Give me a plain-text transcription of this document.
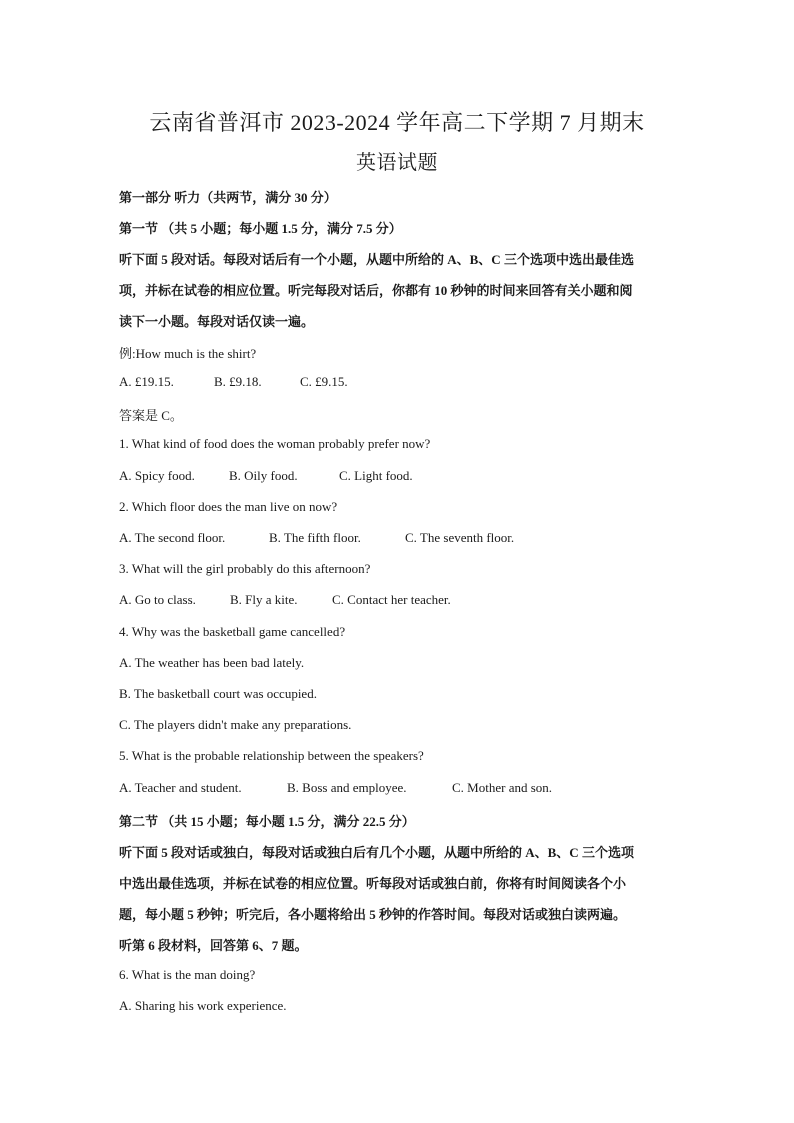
云南省普洱市 2023-2024 学年高二下学期 7 月期末
英语试题
第一部分 听力（共两节，满分 30 分）
第一节 （共 5 小题；每小题 1.5 分，满分 7.5 分）
听下面 5 段对话。每段对话后有一个小题，从题中所给的 A、B、C 三个选项中选出最佳选
项，并标在试卷的相应位置。听完每段对话后，你都有 10 秒钟的时间来回答有关小题和阅
读下一小题。每段对话仅读一遍。
例:How much is the shirt?
A. £19.15.	B. £9.18.	C. £9.15.
答案是 C。
1. What kind of food does the woman probably prefer now?
A. Spicy food.	B. Oily food.	C. Light food.
2. Which floor does the man live on now?
A. The second floor.	B. The fifth floor.	C. The seventh floor.
3. What will the girl probably do this afternoon?
A. Go to class.	B. Fly a kite.	C. Contact her teacher.
4. Why was the basketball game cancelled?
A. The weather has been bad lately.
B. The basketball court was occupied.
C. The players didn't make any preparations.
5. What is the probable relationship between the speakers?
A. Teacher and student.	B. Boss and employee.	C. Mother and son.
第二节 （共 15 小题；每小题 1.5 分，满分 22.5 分）
听下面 5 段对话或独白，每段对话或独白后有几个小题，从题中所给的 A、B、C 三个选项
中选出最佳选项，并标在试卷的相应位置。听每段对话或独白前，你将有时间阅读各个小
题，每小题 5 秒钟；听完后，各小题将给出 5 秒钟的作答时间。每段对话或独白读两遍。
听第 6 段材料，回答第 6、7 题。
6. What is the man doing?
A. Sharing his work experience.
